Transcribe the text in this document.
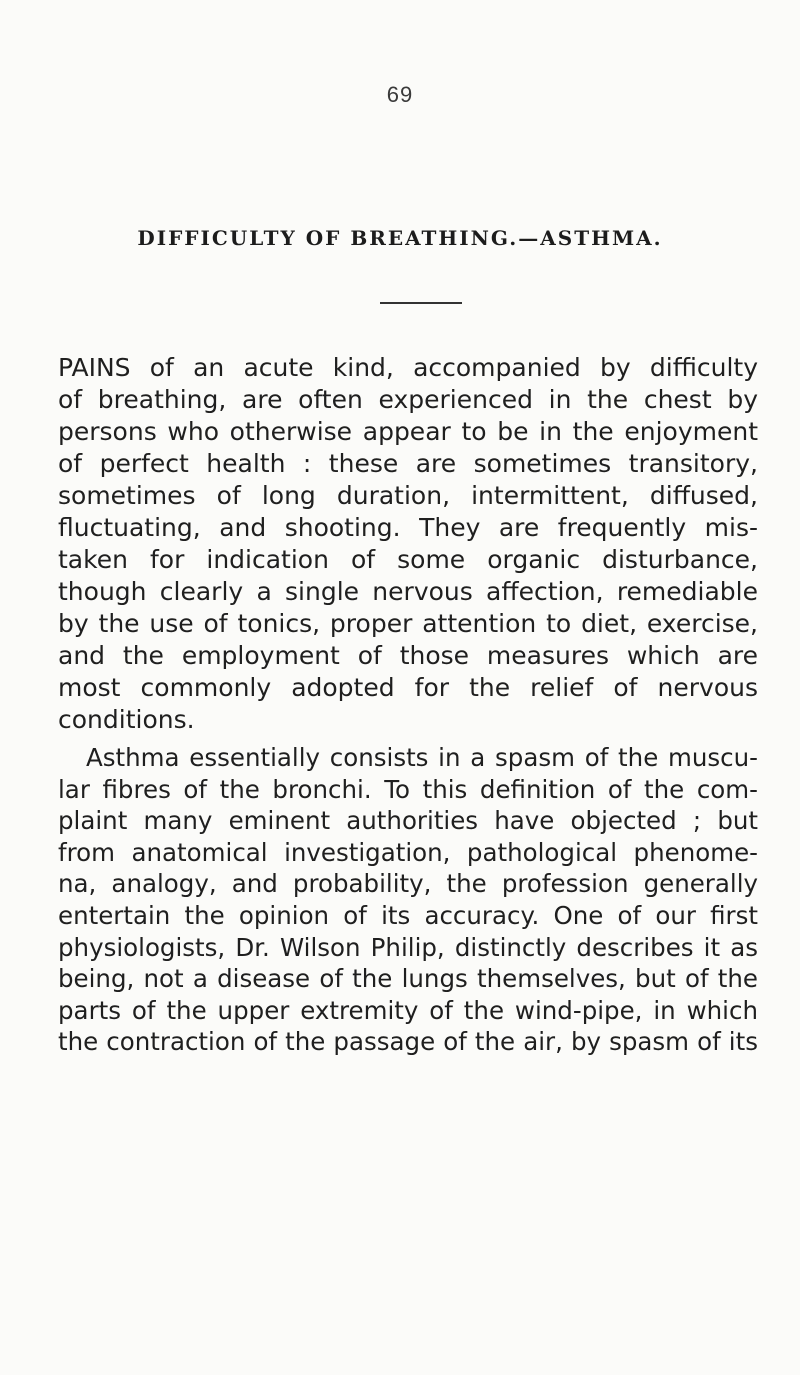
69
DIFFICULTY OF BREATHING.—ASTHMA.
PAINS of an acute kind, accompanied by difficulty
of breathing, are often experienced in the chest by
persons who otherwise appear to be in the enjoyment
of perfect health : these are sometimes transitory,
sometimes of long duration, intermittent, diffused,
fluctuating, and shooting. They are frequently mis-
taken for indication of some organic disturbance,
though clearly a single nervous affection, remediable
by the use of tonics, proper attention to diet, exercise,
and the employment of those measures which are
most commonly adopted for the relief of nervous
conditions.
Asthma essentially consists in a spasm of the muscu-
lar fibres of the bronchi. To this definition of the com-
plaint many eminent authorities have objected ; but
from anatomical investigation, pathological phenome-
na, analogy, and probability, the profession generally
entertain the opinion of its accuracy. One of our first
physiologists, Dr. Wilson Philip, distinctly describes it as
being, not a disease of the lungs themselves, but of the
parts of the upper extremity of the wind-pipe, in which
the contraction of the passage of the air, by spasm of its
